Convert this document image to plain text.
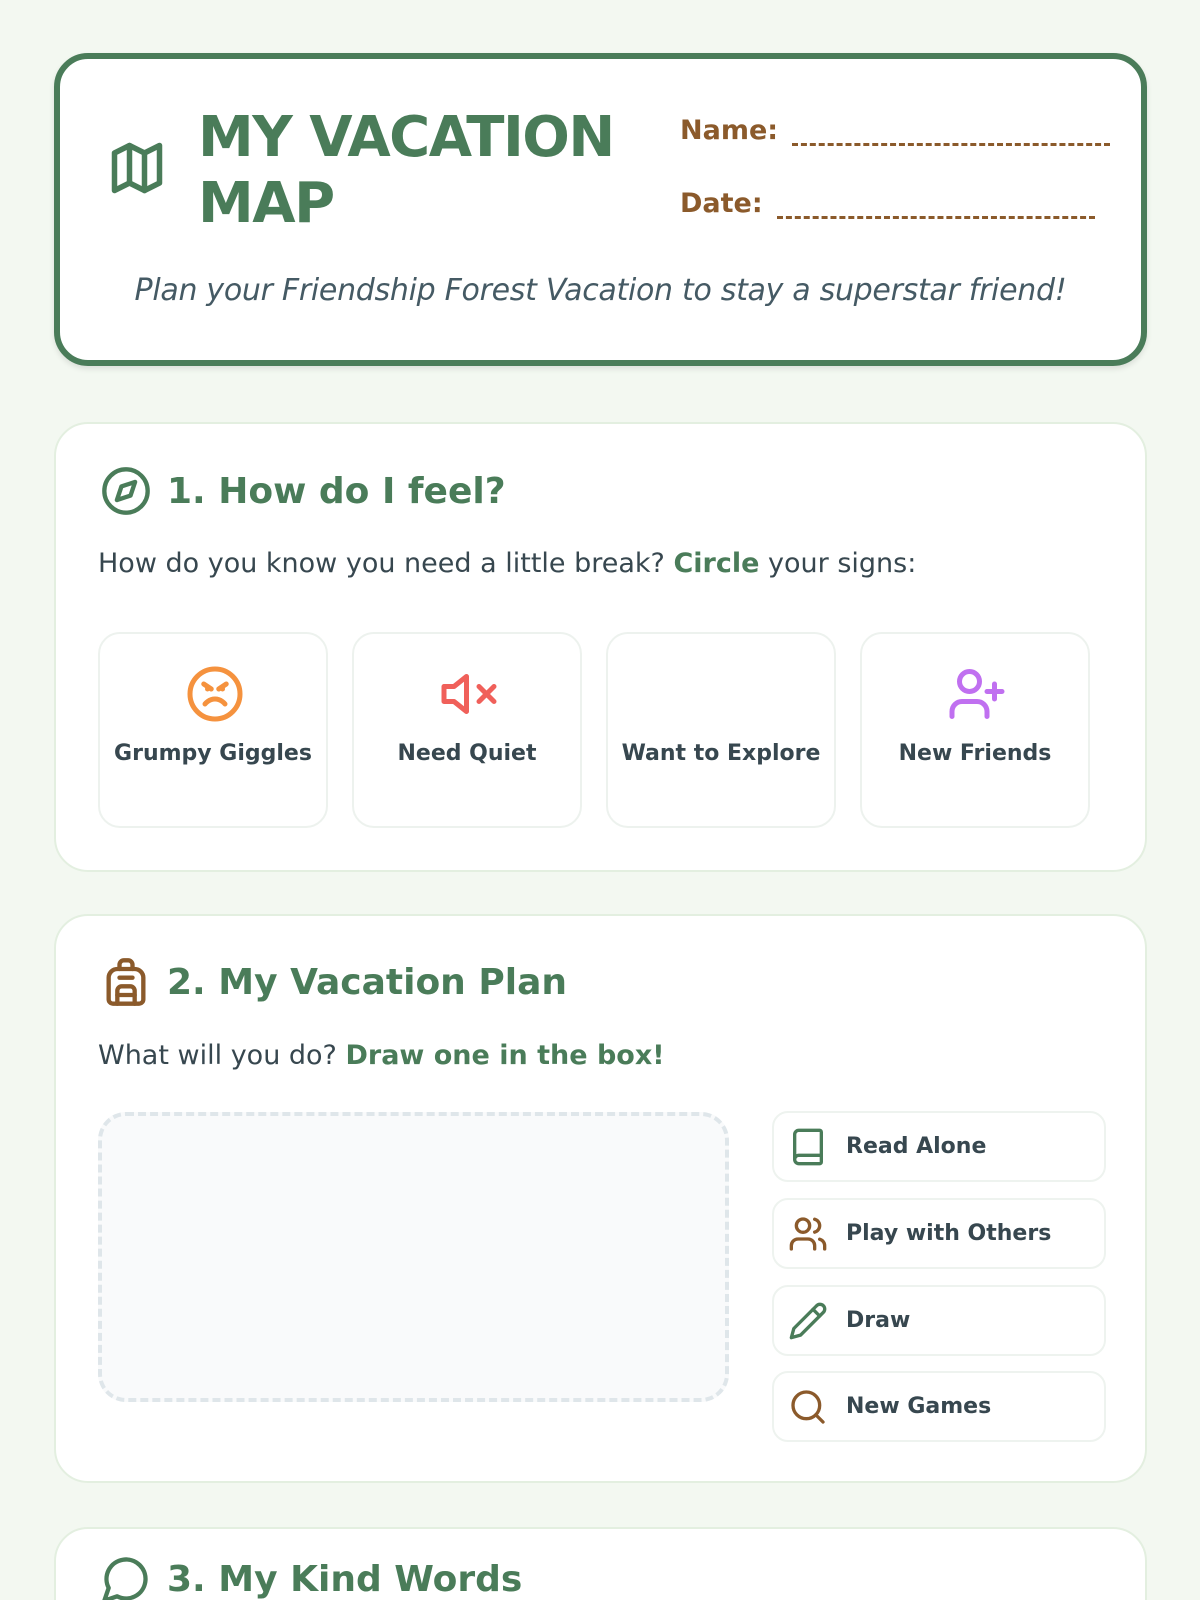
MY VACATION MAP
Name:
Date:
Plan your Friendship Forest Vacation to stay a superstar friend!
1. How do I feel?
How do you know you need a little break? Circle your signs:
Grumpy Giggles	Need Quiet	Want to Explore	New Friends
2. My Vacation Plan
What will you do? Draw one in the box!
Read Alone
Play with Others
Draw
New Games
3. My Kind Words
